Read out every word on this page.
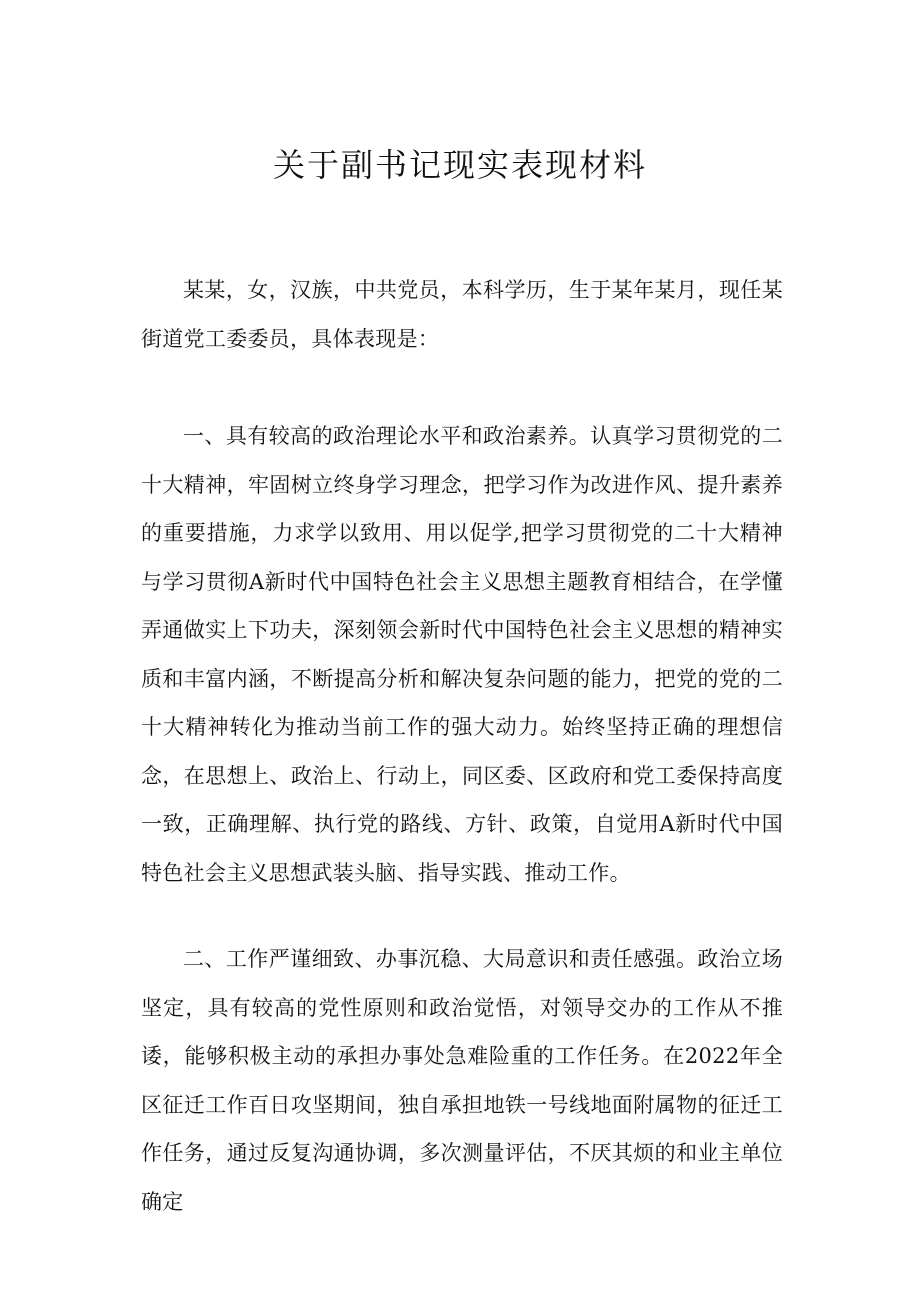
关于副书记现实表现材料

某某，女，汉族，中共党员，本科学历，生于某年某月，现任某街道党工委委员，具体表现是：

一、具有较高的政治理论水平和政治素养。认真学习贯彻党的二十大精神，牢固树立终身学习理念，把学习作为改进作风、提升素养的重要措施，力求学以致用、用以促学,把学习贯彻党的二十大精神与学习贯彻A新时代中国特色社会主义思想主题教育相结合，在学懂弄通做实上下功夫，深刻领会新时代中国特色社会主义思想的精神实质和丰富内涵，不断提高分析和解决复杂问题的能力，把党的党的二十大精神转化为推动当前工作的强大动力。始终坚持正确的理想信念，在思想上、政治上、行动上，同区委、区政府和党工委保持高度一致，正确理解、执行党的路线、方针、政策，自觉用A新时代中国特色社会主义思想武装头脑、指导实践、推动工作。

二、工作严谨细致、办事沉稳、大局意识和责任感强。政治立场坚定，具有较高的党性原则和政治觉悟，对领导交办的工作从不推诿，能够积极主动的承担办事处急难险重的工作任务。在2022年全区征迁工作百日攻坚期间，独自承担地铁一号线地面附属物的征迁工作任务，通过反复沟通协调，多次测量评估，不厌其烦的和业主单位确定
